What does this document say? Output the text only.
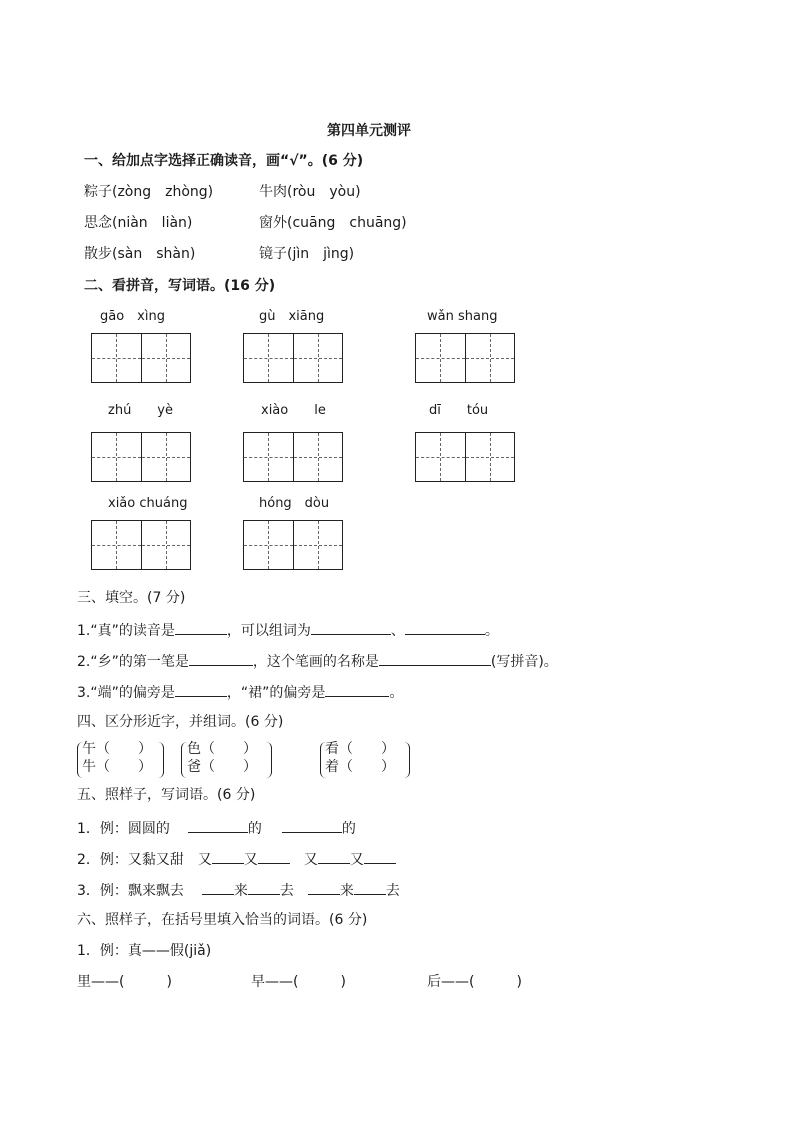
第四单元测评
一、给加点字选择正确读音，画“√”。(6 分)
粽子(zòng　zhòng)	牛肉(ròu　yòu)
思念(niàn　liàn)	窗外(cuāng　chuāng)
散步(sàn　shàn)	镜子(jìn　jìng)
二、看拼音，写词语。(16 分)
gāo　xìng	gù　xiāng	wǎn shang
zhú　　yè	xiào　　le	dī　　tóu
xiǎo chuáng	hóng　dòu
三、填空。(7 分)
1.“真”的读音是	，可以组词为	、	。
2.“乡”的第一笔是	，这个笔画的名称是	(写拼音)。
3.“端”的偏旁是	，“裙”的偏旁是	。
四、区分形近字，并组词。(6 分)
午（　　）
牛（　　）
色（　　）
爸（　　）
看（　　）
着（　　）
五、照样子，写词语。(6 分)
1．例：圆圆的	的	的
2．例：又黏又甜 又 又	又 又
3．例：飘来飘去	来 去	来 去
六、照样子，在括号里填入恰当的词语。(6 分)
1．例：真——假(jiǎ)
里——(　　　)	早——(　　　)	后——(　　　)
